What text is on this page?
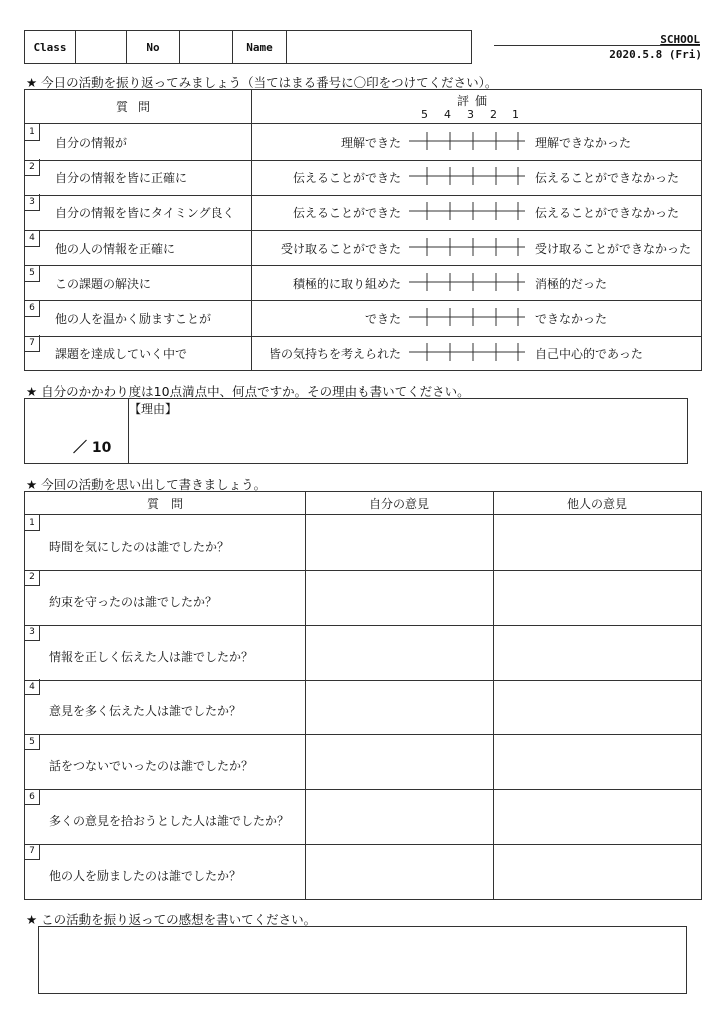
Class	No	Name
SCHOOL
2020.5.8 (Fri)
★ 今日の活動を振り返ってみましょう（当てはまる番号に〇印をつけてください）。
質問	評価
5 4 3 2 1
1
自分の情報が	理解できた	理解できなかった
2
自分の情報を皆に正確に	伝えることができた	伝えることができなかった
3
自分の情報を皆にタイミング良く	伝えることができた	伝えることができなかった
4
他の人の情報を正確に	受け取ることができた	受け取ることができなかった
5
この課題の解決に	積極的に取り組めた	消極的だった
6
他の人を温かく励ますことが	できた	できなかった
7
課題を達成していく中で	皆の気持ちを考えられた	自己中心的であった
★ 自分のかかわり度は10点満点中、何点ですか。その理由も書いてください。
／ 10
【理由】
★ 今回の活動を思い出して書きましょう。
質　問	自分の意見	他人の意見
1
時間を気にしたのは誰でしたか？
2
約束を守ったのは誰でしたか？
3
情報を正しく伝えた人は誰でしたか？
4
意見を多く伝えた人は誰でしたか？
5
話をつないでいったのは誰でしたか？
6
多くの意見を拾おうとした人は誰でしたか？
7
他の人を励ましたのは誰でしたか？
★ この活動を振り返っての感想を書いてください。
